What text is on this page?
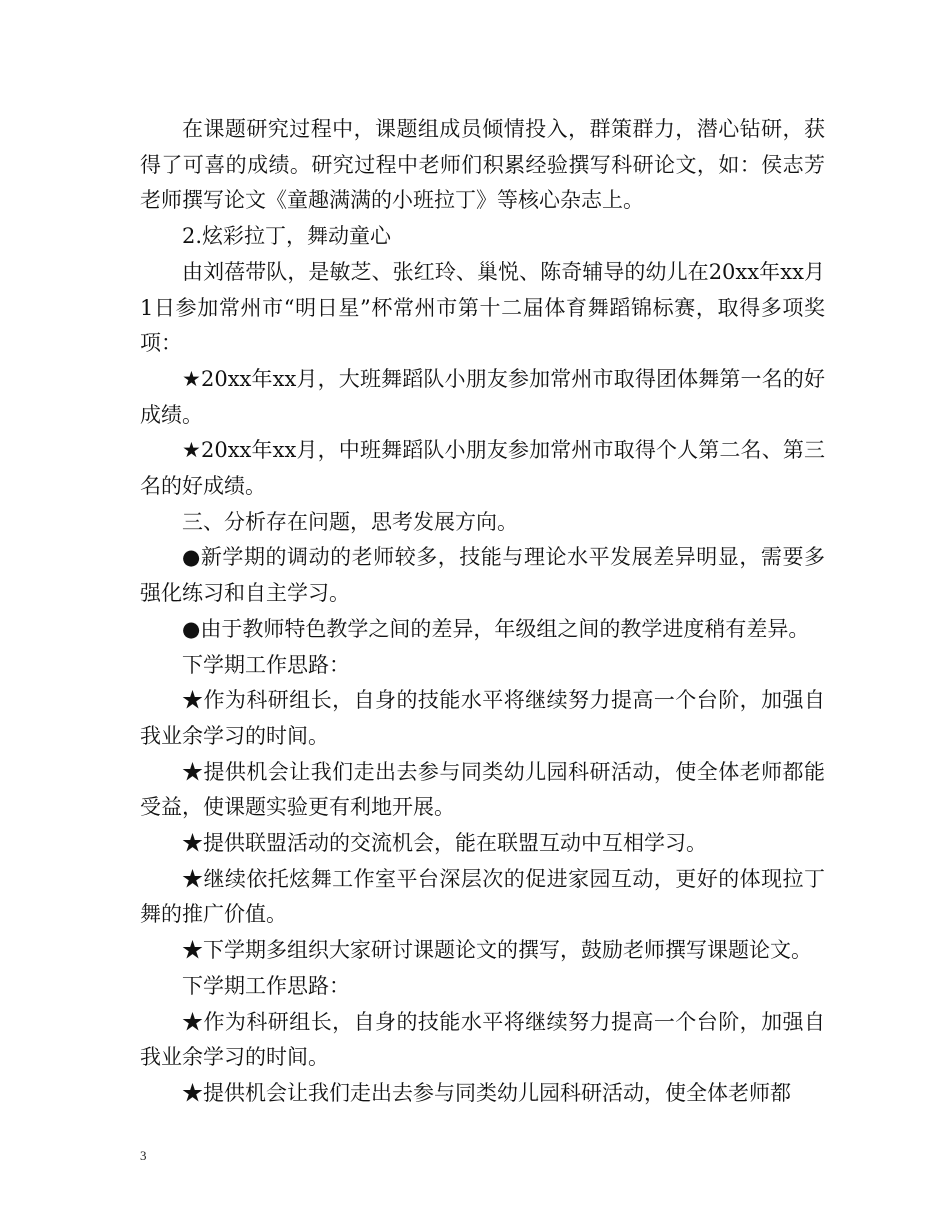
在课题研究过程中，课题组成员倾情投入，群策群力，潜心钻研，获得了可喜的成绩。研究过程中老师们积累经验撰写科研论文，如：侯志芳老师撰写论文《童趣满满的小班拉丁》等核心杂志上。

2.炫彩拉丁，舞动童心

由刘蓓带队，是敏芝、张红玲、巢悦、陈奇辅导的幼儿在20xx年xx月1日参加常州市“明日星”杯常州市第十二届体育舞蹈锦标赛，取得多项奖项：

★20xx年xx月，大班舞蹈队小朋友参加常州市取得团体舞第一名的好成绩。

★20xx年xx月，中班舞蹈队小朋友参加常州市取得个人第二名、第三名的好成绩。

三、分析存在问题，思考发展方向。

●新学期的调动的老师较多，技能与理论水平发展差异明显，需要多强化练习和自主学习。

●由于教师特色教学之间的差异，年级组之间的教学进度稍有差异。

下学期工作思路：

★作为科研组长，自身的技能水平将继续努力提高一个台阶，加强自我业余学习的时间。

★提供机会让我们走出去参与同类幼儿园科研活动，使全体老师都能受益，使课题实验更有利地开展。

★提供联盟活动的交流机会，能在联盟互动中互相学习。

★继续依托炫舞工作室平台深层次的促进家园互动，更好的体现拉丁舞的推广价值。

★下学期多组织大家研讨课题论文的撰写，鼓励老师撰写课题论文。

下学期工作思路：

★作为科研组长，自身的技能水平将继续努力提高一个台阶，加强自我业余学习的时间。

★提供机会让我们走出去参与同类幼儿园科研活动，使全体老师都

3
